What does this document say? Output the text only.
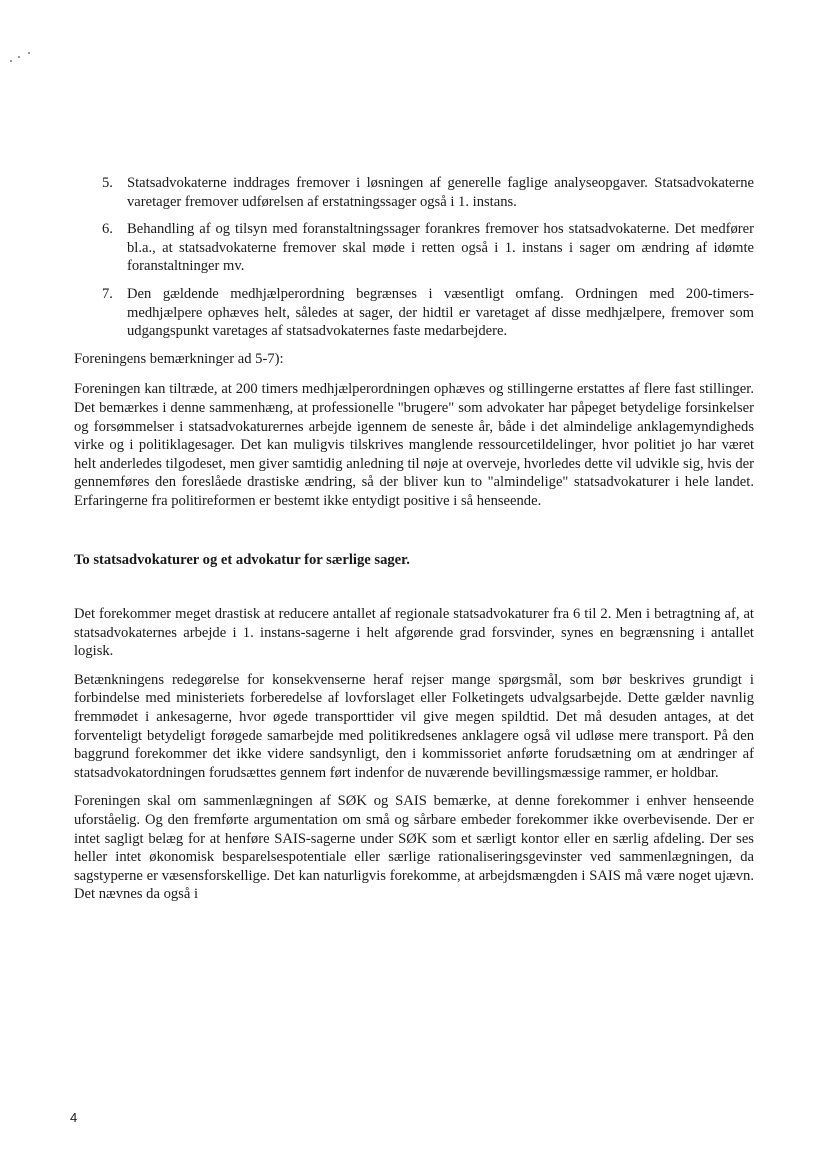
5. Statsadvokaterne inddrages fremover i løsningen af generelle faglige analyseopgaver. Statsadvokaterne varetager fremover udførelsen af erstatningssager også i 1. instans.

6. Behandling af og tilsyn med foranstaltningssager forankres fremover hos statsadvokaterne. Det medfører bl.a., at statsadvokaterne fremover skal møde i retten også i 1. instans i sager om ændring af idømte foranstaltninger mv.

7. Den gældende medhjælperordning begrænses i væsentligt omfang. Ordningen med 200-timers-medhjælpere ophæves helt, således at sager, der hidtil er varetaget af disse medhjælpere, fremover som udgangspunkt varetages af statsadvokaternes faste medarbejdere.

Foreningens bemærkninger ad 5-7):

Foreningen kan tiltræde, at 200 timers medhjælperordningen ophæves og stillingerne erstattes af flere fast stillinger. Det bemærkes i denne sammenhæng, at professionelle "brugere" som advokater har påpeget betydelige forsinkelser og forsømmelser i statsadvokaturernes arbejde igennem de seneste år, både i det almindelige anklagemyndigheds virke og i politiklagesager. Det kan muligvis tilskrives manglende ressourcetildelinger, hvor politiet jo har været helt anderledes tilgodeset, men giver samtidig anledning til nøje at overveje, hvorledes dette vil udvikle sig, hvis der gennemføres den foreslåede drastiske ændring, så der bliver kun to "almindelige" statsadvokaturer i hele landet. Erfaringerne fra politireformen er bestemt ikke entydigt positive i så henseende.

To statsadvokaturer og et advokatur for særlige sager.

Det forekommer meget drastisk at reducere antallet af regionale statsadvokaturer fra 6 til 2. Men i betragtning af, at statsadvokaternes arbejde i 1. instans-sagerne i helt afgørende grad forsvinder, synes en begrænsning i antallet logisk.

Betænkningens redegørelse for konsekvenserne heraf rejser mange spørgsmål, som bør beskrives grundigt i forbindelse med ministeriets forberedelse af lovforslaget eller Folketingets udvalgsarbejde. Dette gælder navnlig fremmødet i ankesagerne, hvor øgede transporttider vil give megen spildtid. Det må desuden antages, at det forventeligt betydeligt forøgede samarbejde med politikredsenes anklagere også vil udløse mere transport. På den baggrund forekommer det ikke videre sandsynligt, den i kommissoriet anførte forudsætning om at ændringer af statsadvokatordningen forudsættes gennem ført indenfor de nuværende bevillingsmæssige rammer, er holdbar.

Foreningen skal om sammenlægningen af SØK og SAIS bemærke, at denne forekommer i enhver henseende uforståelig. Og den fremførte argumentation om små og sårbare embeder forekommer ikke overbevisende. Der er intet sagligt belæg for at henføre SAIS-sagerne under SØK som et særligt kontor eller en særlig afdeling. Der ses heller intet økonomisk besparelsespotentiale eller særlige rationaliseringsgevinster ved sammenlægningen, da sagstyperne er væsensforskellige. Det kan naturligvis forekomme, at arbejdsmængden i SAIS må være noget ujævn. Det nævnes da også i

4
